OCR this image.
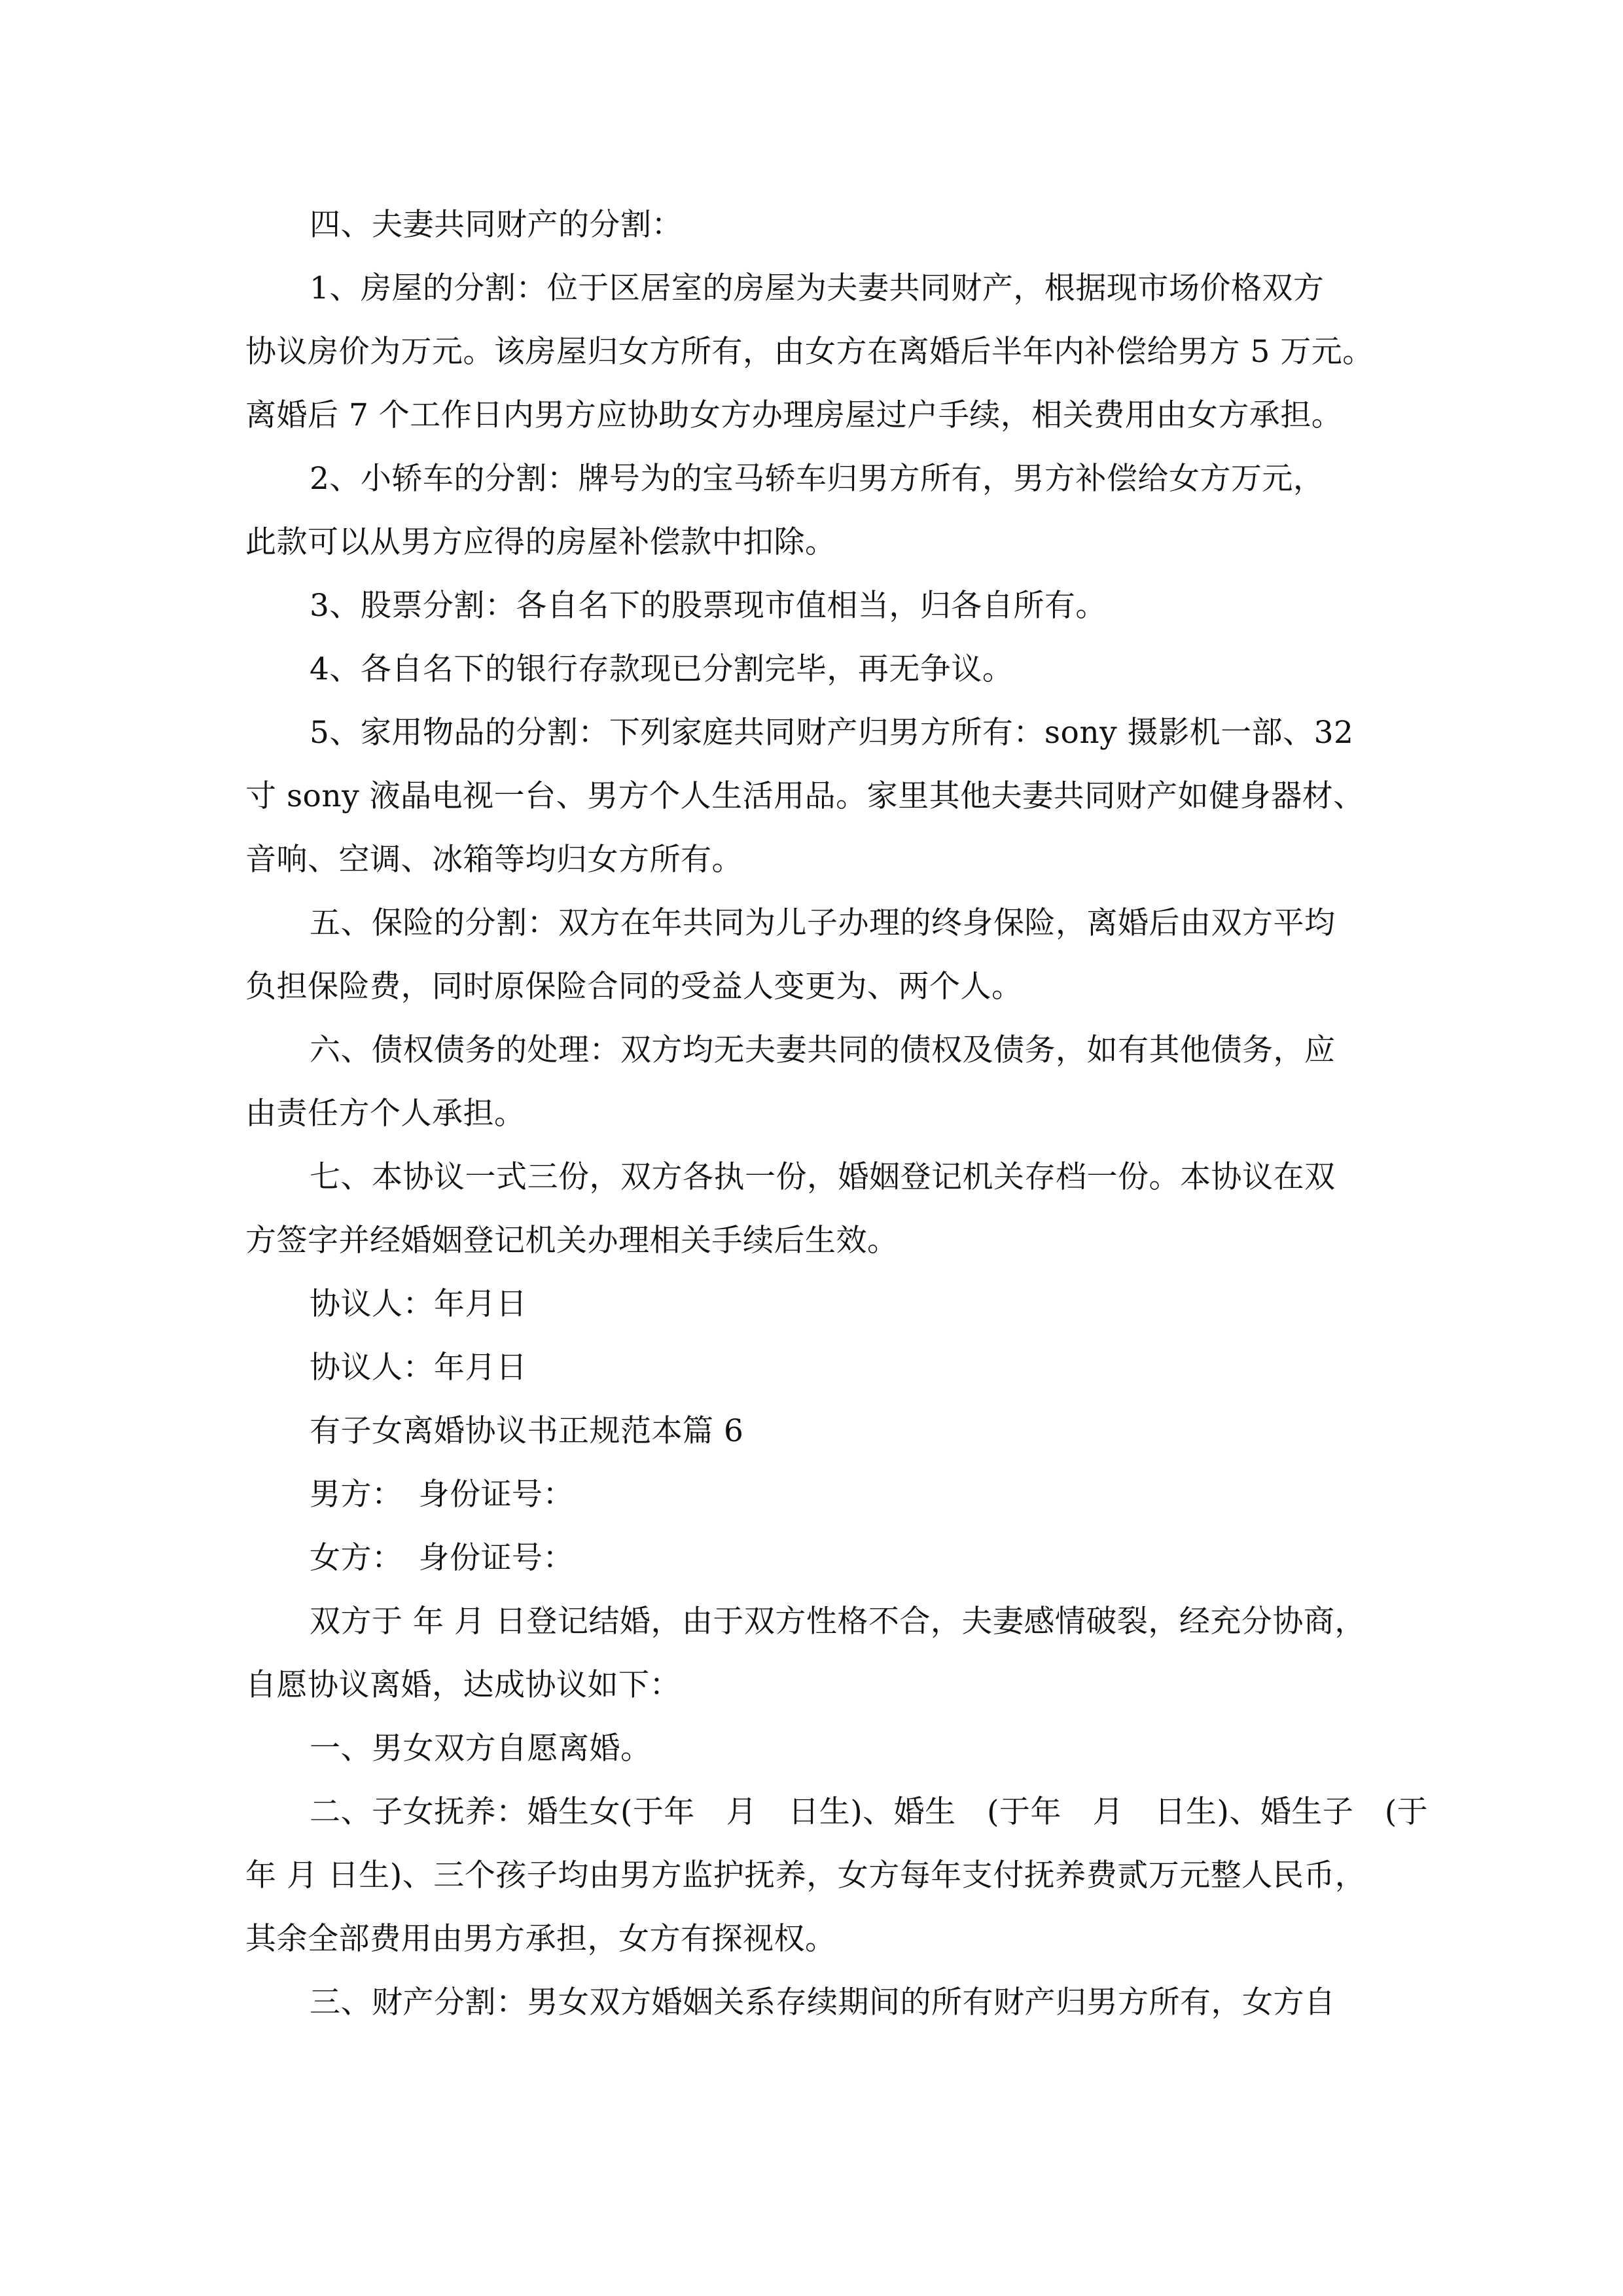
四、夫妻共同财产的分割：

1、房屋的分割：位于区居室的房屋为夫妻共同财产，根据现市场价格双方

协议房价为万元。该房屋归女方所有，由女方在离婚后半年内补偿给男方 5 万元。

离婚后 7 个工作日内男方应协助女方办理房屋过户手续，相关费用由女方承担。

2、小轿车的分割：牌号为的宝马轿车归男方所有，男方补偿给女方万元，

此款可以从男方应得的房屋补偿款中扣除。

3、股票分割：各自名下的股票现市值相当，归各自所有。

4、各自名下的银行存款现已分割完毕，再无争议。

5、家用物品的分割：下列家庭共同财产归男方所有：sony 摄影机一部、32

寸 sony 液晶电视一台、男方个人生活用品。家里其他夫妻共同财产如健身器材、

音响、空调、冰箱等均归女方所有。

五、保险的分割：双方在年共同为儿子办理的终身保险，离婚后由双方平均

负担保险费，同时原保险合同的受益人变更为、两个人。

六、债权债务的处理：双方均无夫妻共同的债权及债务，如有其他债务，应

由责任方个人承担。

七、本协议一式三份，双方各执一份，婚姻登记机关存档一份。本协议在双

方签字并经婚姻登记机关办理相关手续后生效。

协议人：年月日

协议人：年月日

有子女离婚协议书正规范本篇 6

男方：　身份证号：

女方：　身份证号：

双方于 年 月 日登记结婚，由于双方性格不合，夫妻感情破裂，经充分协商，

自愿协议离婚，达成协议如下：

一、男女双方自愿离婚。

二、子女抚养：婚生女(于年　月　日生)、婚生　(于年　月　日生)、婚生子　(于

年 月 日生)、三个孩子均由男方监护抚养，女方每年支付抚养费贰万元整人民币，

其余全部费用由男方承担，女方有探视权。

三、财产分割：男女双方婚姻关系存续期间的所有财产归男方所有，女方自
